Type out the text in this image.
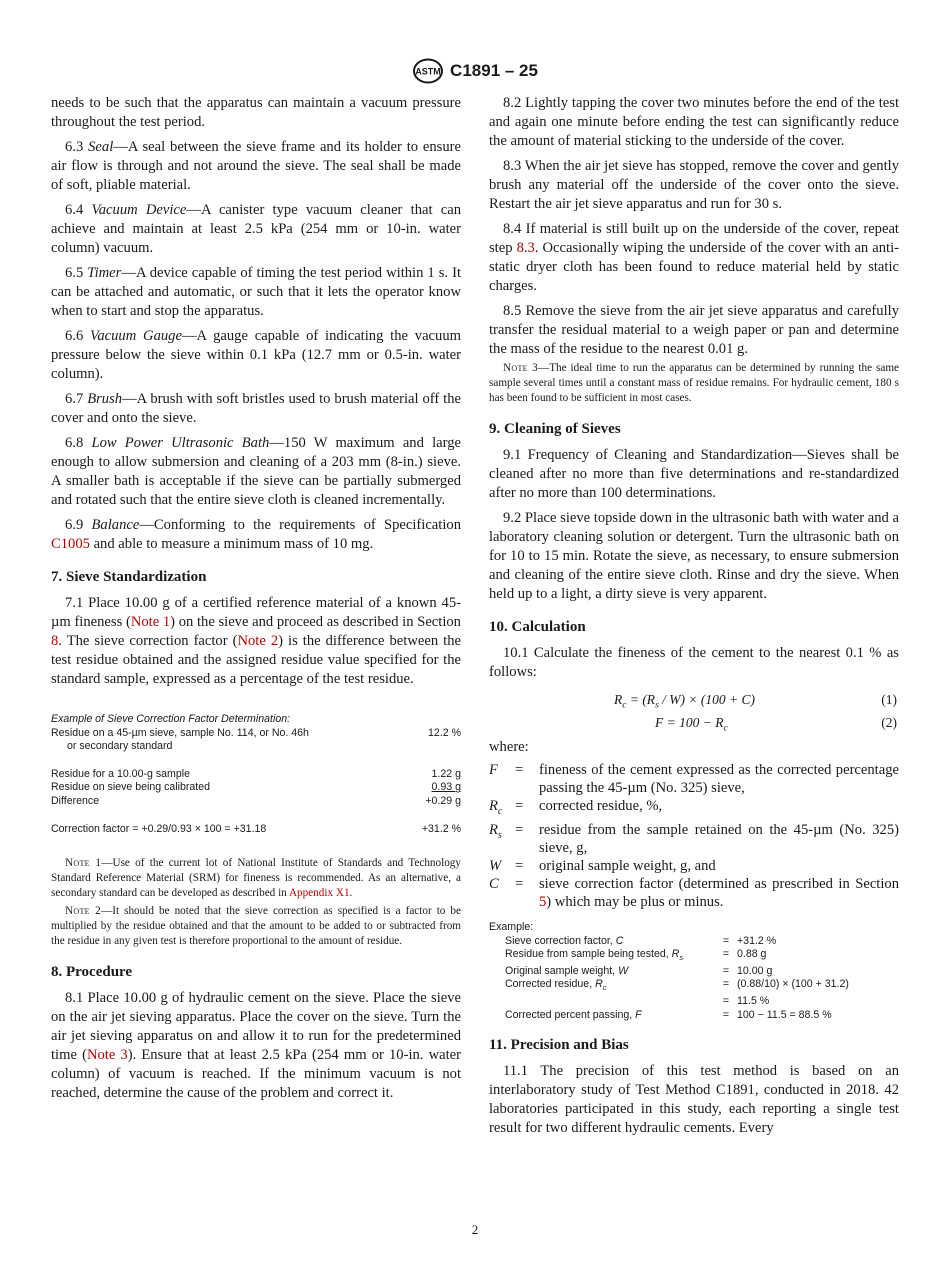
ASTM C1891 – 25

needs to be such that the apparatus can maintain a vacuum pressure throughout the test period.

6.3 Seal—A seal between the sieve frame and its holder to ensure air flow is through and not around the sieve. The seal shall be made of soft, pliable material.

6.4 Vacuum Device—A canister type vacuum cleaner that can achieve and maintain at least 2.5 kPa (254 mm or 10-in. water column) vacuum.

6.5 Timer—A device capable of timing the test period within 1 s. It can be attached and automatic, or such that it lets the operator know when to start and stop the apparatus.

6.6 Vacuum Gauge—A gauge capable of indicating the vacuum pressure below the sieve within 0.1 kPa (12.7 mm or 0.5-in. water column).

6.7 Brush—A brush with soft bristles used to brush material off the cover and onto the sieve.

6.8 Low Power Ultrasonic Bath—150 W maximum and large enough to allow submersion and cleaning of a 203 mm (8-in.) sieve. A smaller bath is acceptable if the sieve can be partially submerged and rotated such that the entire sieve cloth is cleaned incrementally.

6.9 Balance—Conforming to the requirements of Specification C1005 and able to measure a minimum mass of 10 mg.

7. Sieve Standardization

7.1 Place 10.00 g of a certified reference material of a known 45-µm fineness (Note 1) on the sieve and proceed as described in Section 8. The sieve correction factor (Note 2) is the difference between the test residue obtained and the assigned residue value specified for the standard sample, expressed as a percentage of the test residue.

Example of Sieve Correction Factor Determination:
Residue on a 45-µm sieve, sample No. 114, or No. 46h	12.2 %
or secondary standard
Residue for a 10.00-g sample	1.22 g
Residue on sieve being calibrated	0.93 g
Difference	+0.29 g
Correction factor = +0.29/0.93 × 100 = +31.18	+31.2 %

Note 1—Use of the current lot of National Institute of Standards and Technology Standard Reference Material (SRM) for fineness is recommended. As an alternative, a secondary standard can be developed as described in Appendix X1.

Note 2—It should be noted that the sieve correction as specified is a factor to be multiplied by the residue obtained and that the amount to be added to or subtracted from the residue in any given test is therefore proportional to the amount of residue.

8. Procedure

8.1 Place 10.00 g of hydraulic cement on the sieve. Place the sieve on the air jet sieving apparatus. Place the cover on the sieve. Turn the air jet sieving apparatus on and allow it to run for the predetermined time (Note 3). Ensure that at least 2.5 kPa (254 mm or 10-in. water column) of vacuum is reached. If the minimum vacuum is not reached, determine the cause of the problem and correct it.

8.2 Lightly tapping the cover two minutes before the end of the test and again one minute before ending the test can significantly reduce the amount of material sticking to the underside of the cover.

8.3 When the air jet sieve has stopped, remove the cover and gently brush any material off the underside of the cover onto the sieve. Restart the air jet sieve apparatus and run for 30 s.

8.4 If material is still built up on the underside of the cover, repeat step 8.3. Occasionally wiping the underside of the cover with an anti-static dryer cloth has been found to reduce material held by static charges.

8.5 Remove the sieve from the air jet sieve apparatus and carefully transfer the residual material to a weigh paper or pan and determine the mass of the residue to the nearest 0.01 g.

Note 3—The ideal time to run the apparatus can be determined by running the same sample several times until a constant mass of residue remains. For hydraulic cement, 180 s has been found to be sufficient in most cases.

9. Cleaning of Sieves

9.1 Frequency of Cleaning and Standardization—Sieves shall be cleaned after no more than five determinations and re-standardized after no more than 100 determinations.

9.2 Place sieve topside down in the ultrasonic bath with water and a laboratory cleaning solution or detergent. Turn the ultrasonic bath on for 10 to 15 min. Rotate the sieve, as necessary, to ensure submersion and cleaning of the entire sieve cloth. Rinse and dry the sieve. When held up to a light, a dirty sieve is very apparent.

10. Calculation

10.1 Calculate the fineness of the cement to the nearest 0.1 % as follows:

$R_c = (R_s / W) \times (100 + C)$	(1)
$F = 100 - R_c$	(2)

where:

F	=	fineness of the cement expressed as the corrected percentage passing the 45-µm (No. 325) sieve,
$R_c$	=	corrected residue, %,
$R_s$	=	residue from the sample retained on the 45-µm (No. 325) sieve, g,
W	=	original sample weight, g, and
C	=	sieve correction factor (determined as prescribed in Section 5) which may be plus or minus.
Example:
Sieve correction factor, C	=	+31.2 %
Residue from sample being tested, $R_s$	=	0.88 g
Original sample weight, W	=	10.00 g
Corrected residue, $R_c$	=	(0.88/10) × (100 + 31.2)
	=	11.5 %
Corrected percent passing, F	=	100 − 11.5 = 88.5 %
11. Precision and Bias

11.1 The precision of this test method is based on an interlaboratory study of Test Method C1891, conducted in 2018. 42 laboratories participated in this study, each reporting a single test result for two different hydraulic cements. Every

2
